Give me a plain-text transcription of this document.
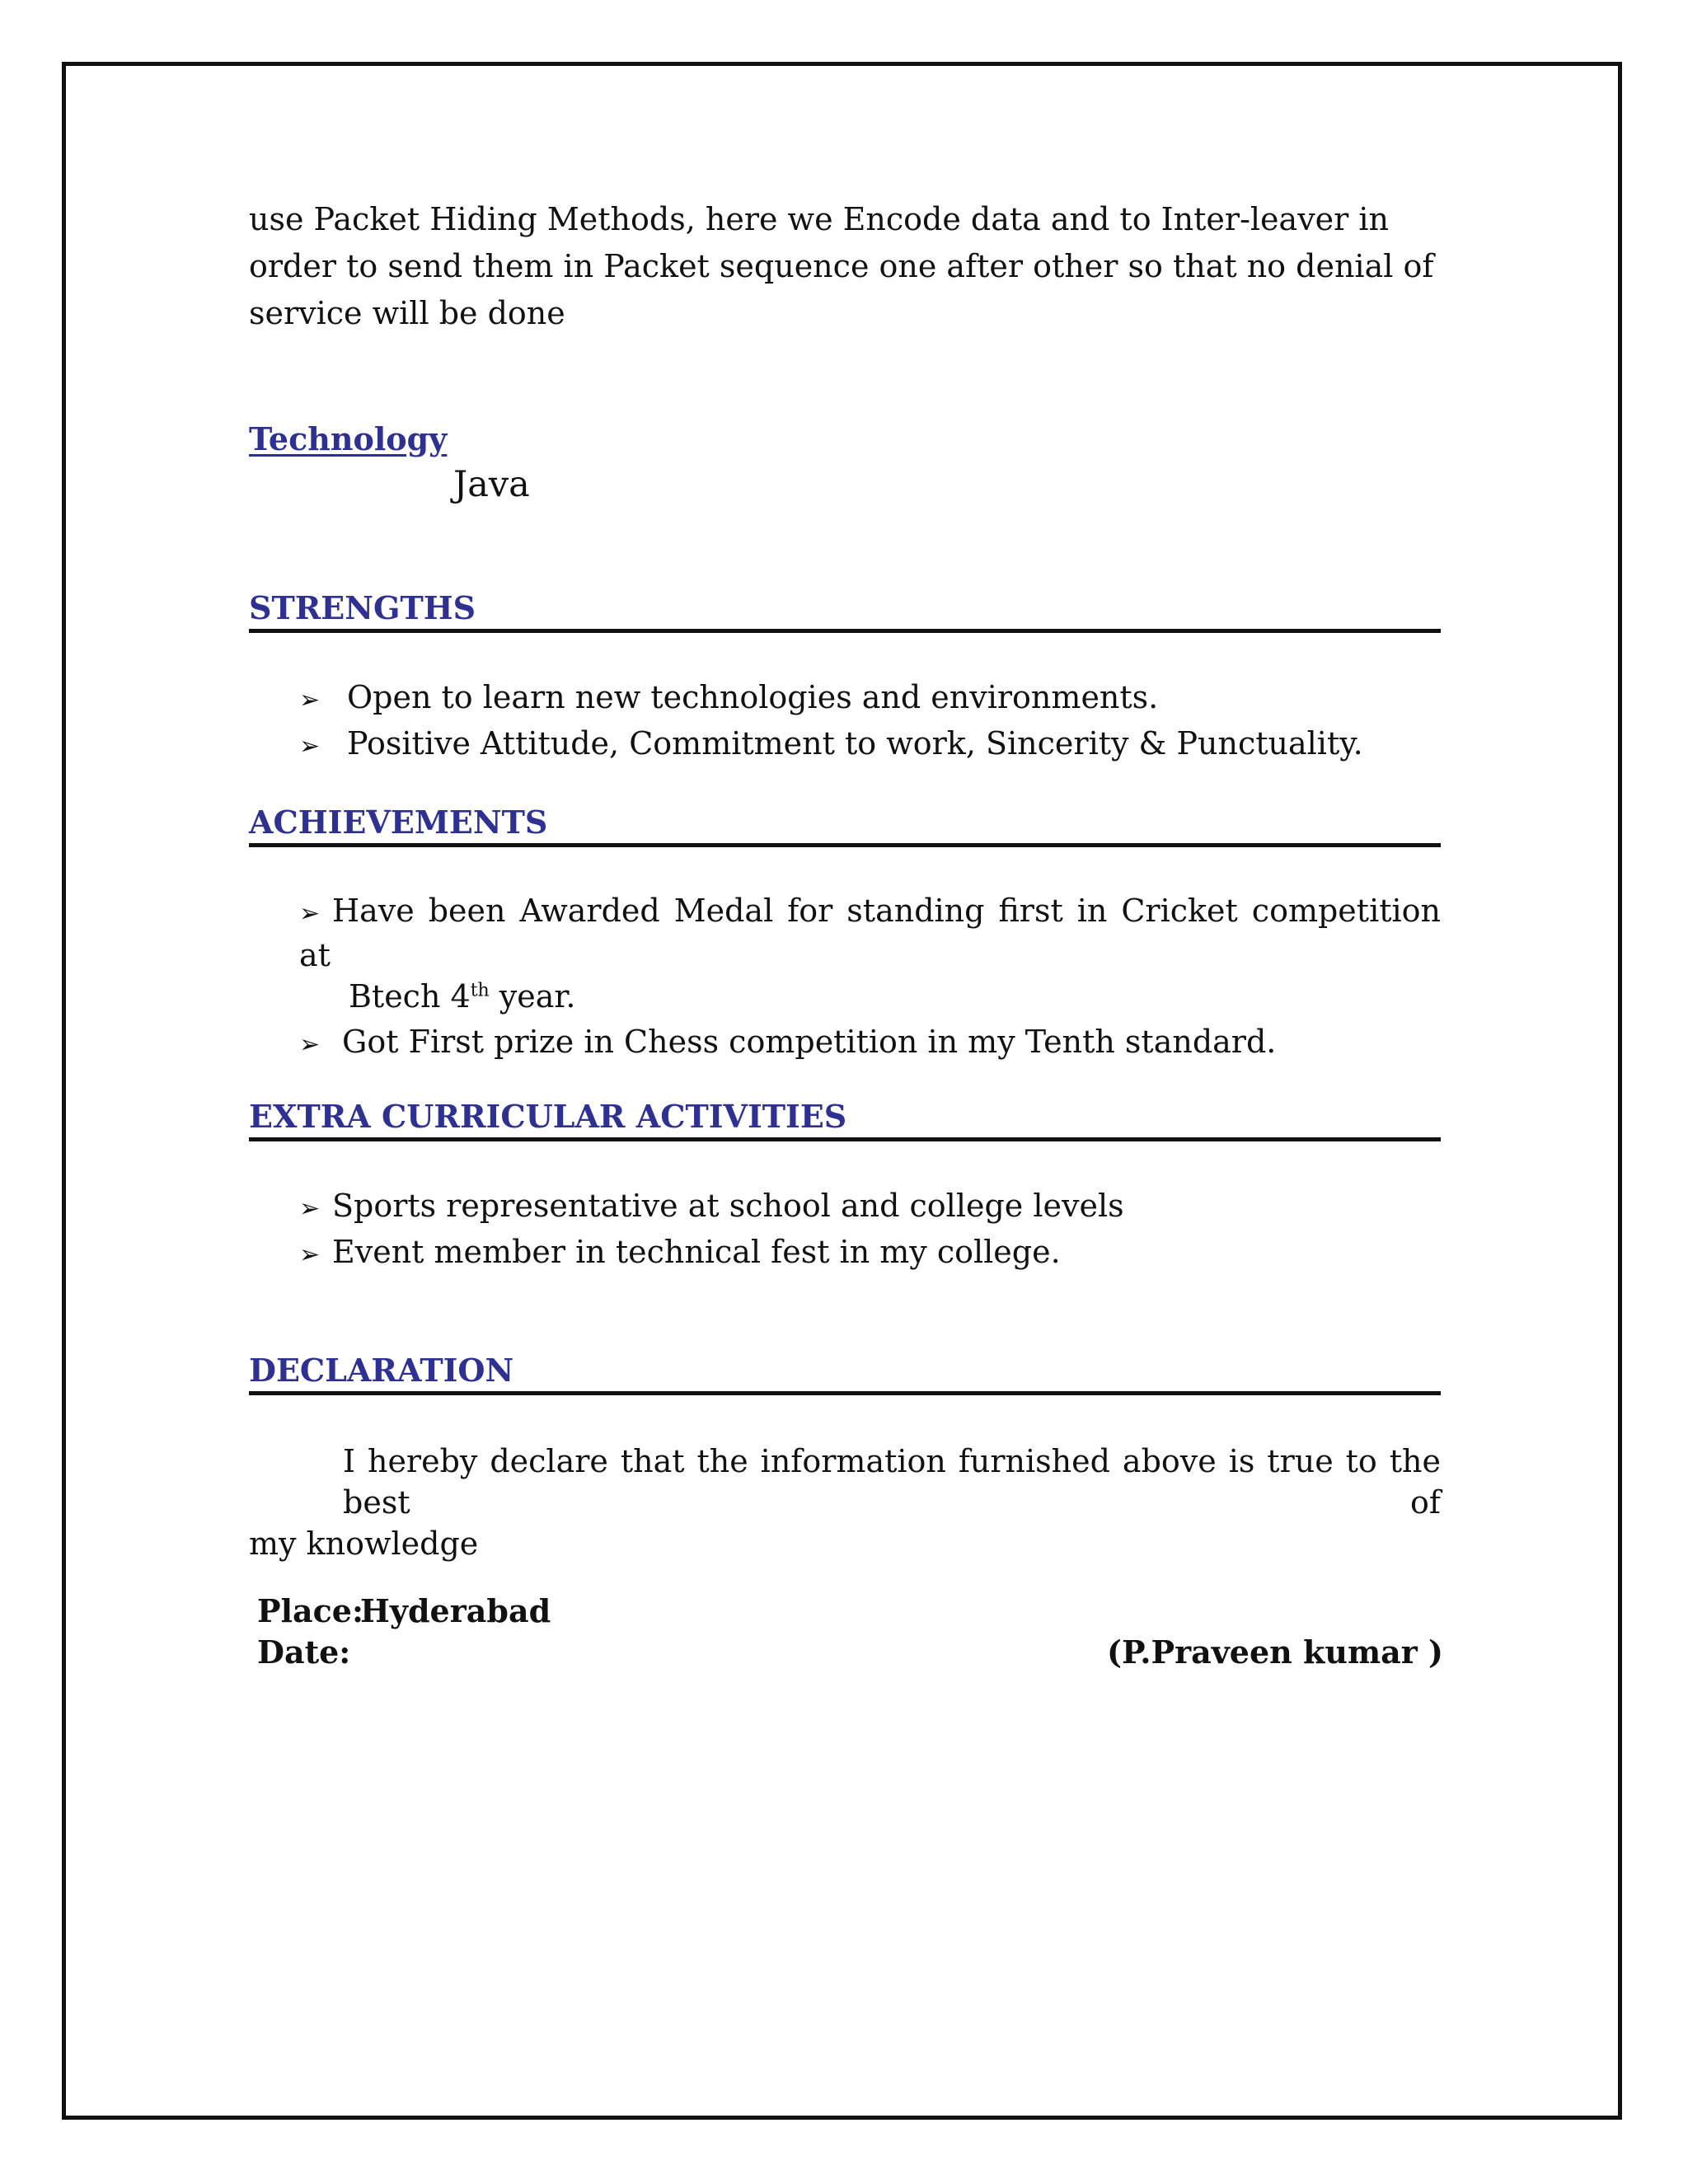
use Packet Hiding Methods, here we Encode data and to Inter-leaver in order to send them in Packet sequence one after other so that no denial of service will be done

Technology

Java

STRENGTHS
➢ Open to learn new technologies and environments.
➢ Positive Attitude, Commitment to work, Sincerity & Punctuality.
ACHIEVEMENTS
➢ Have been Awarded Medal for standing first in Cricket competition at
Btech 4th year.
➢ Got First prize in Chess competition in my Tenth standard.
EXTRA CURRICULAR ACTIVITIES
➢ Sports representative at school and college levels
➢ Event member in technical fest in my college.
DECLARATION
I hereby declare that the information furnished above is true to the best of
my knowledge

Place:

Hyderabad

Date:	(P.Praveen kumar )
